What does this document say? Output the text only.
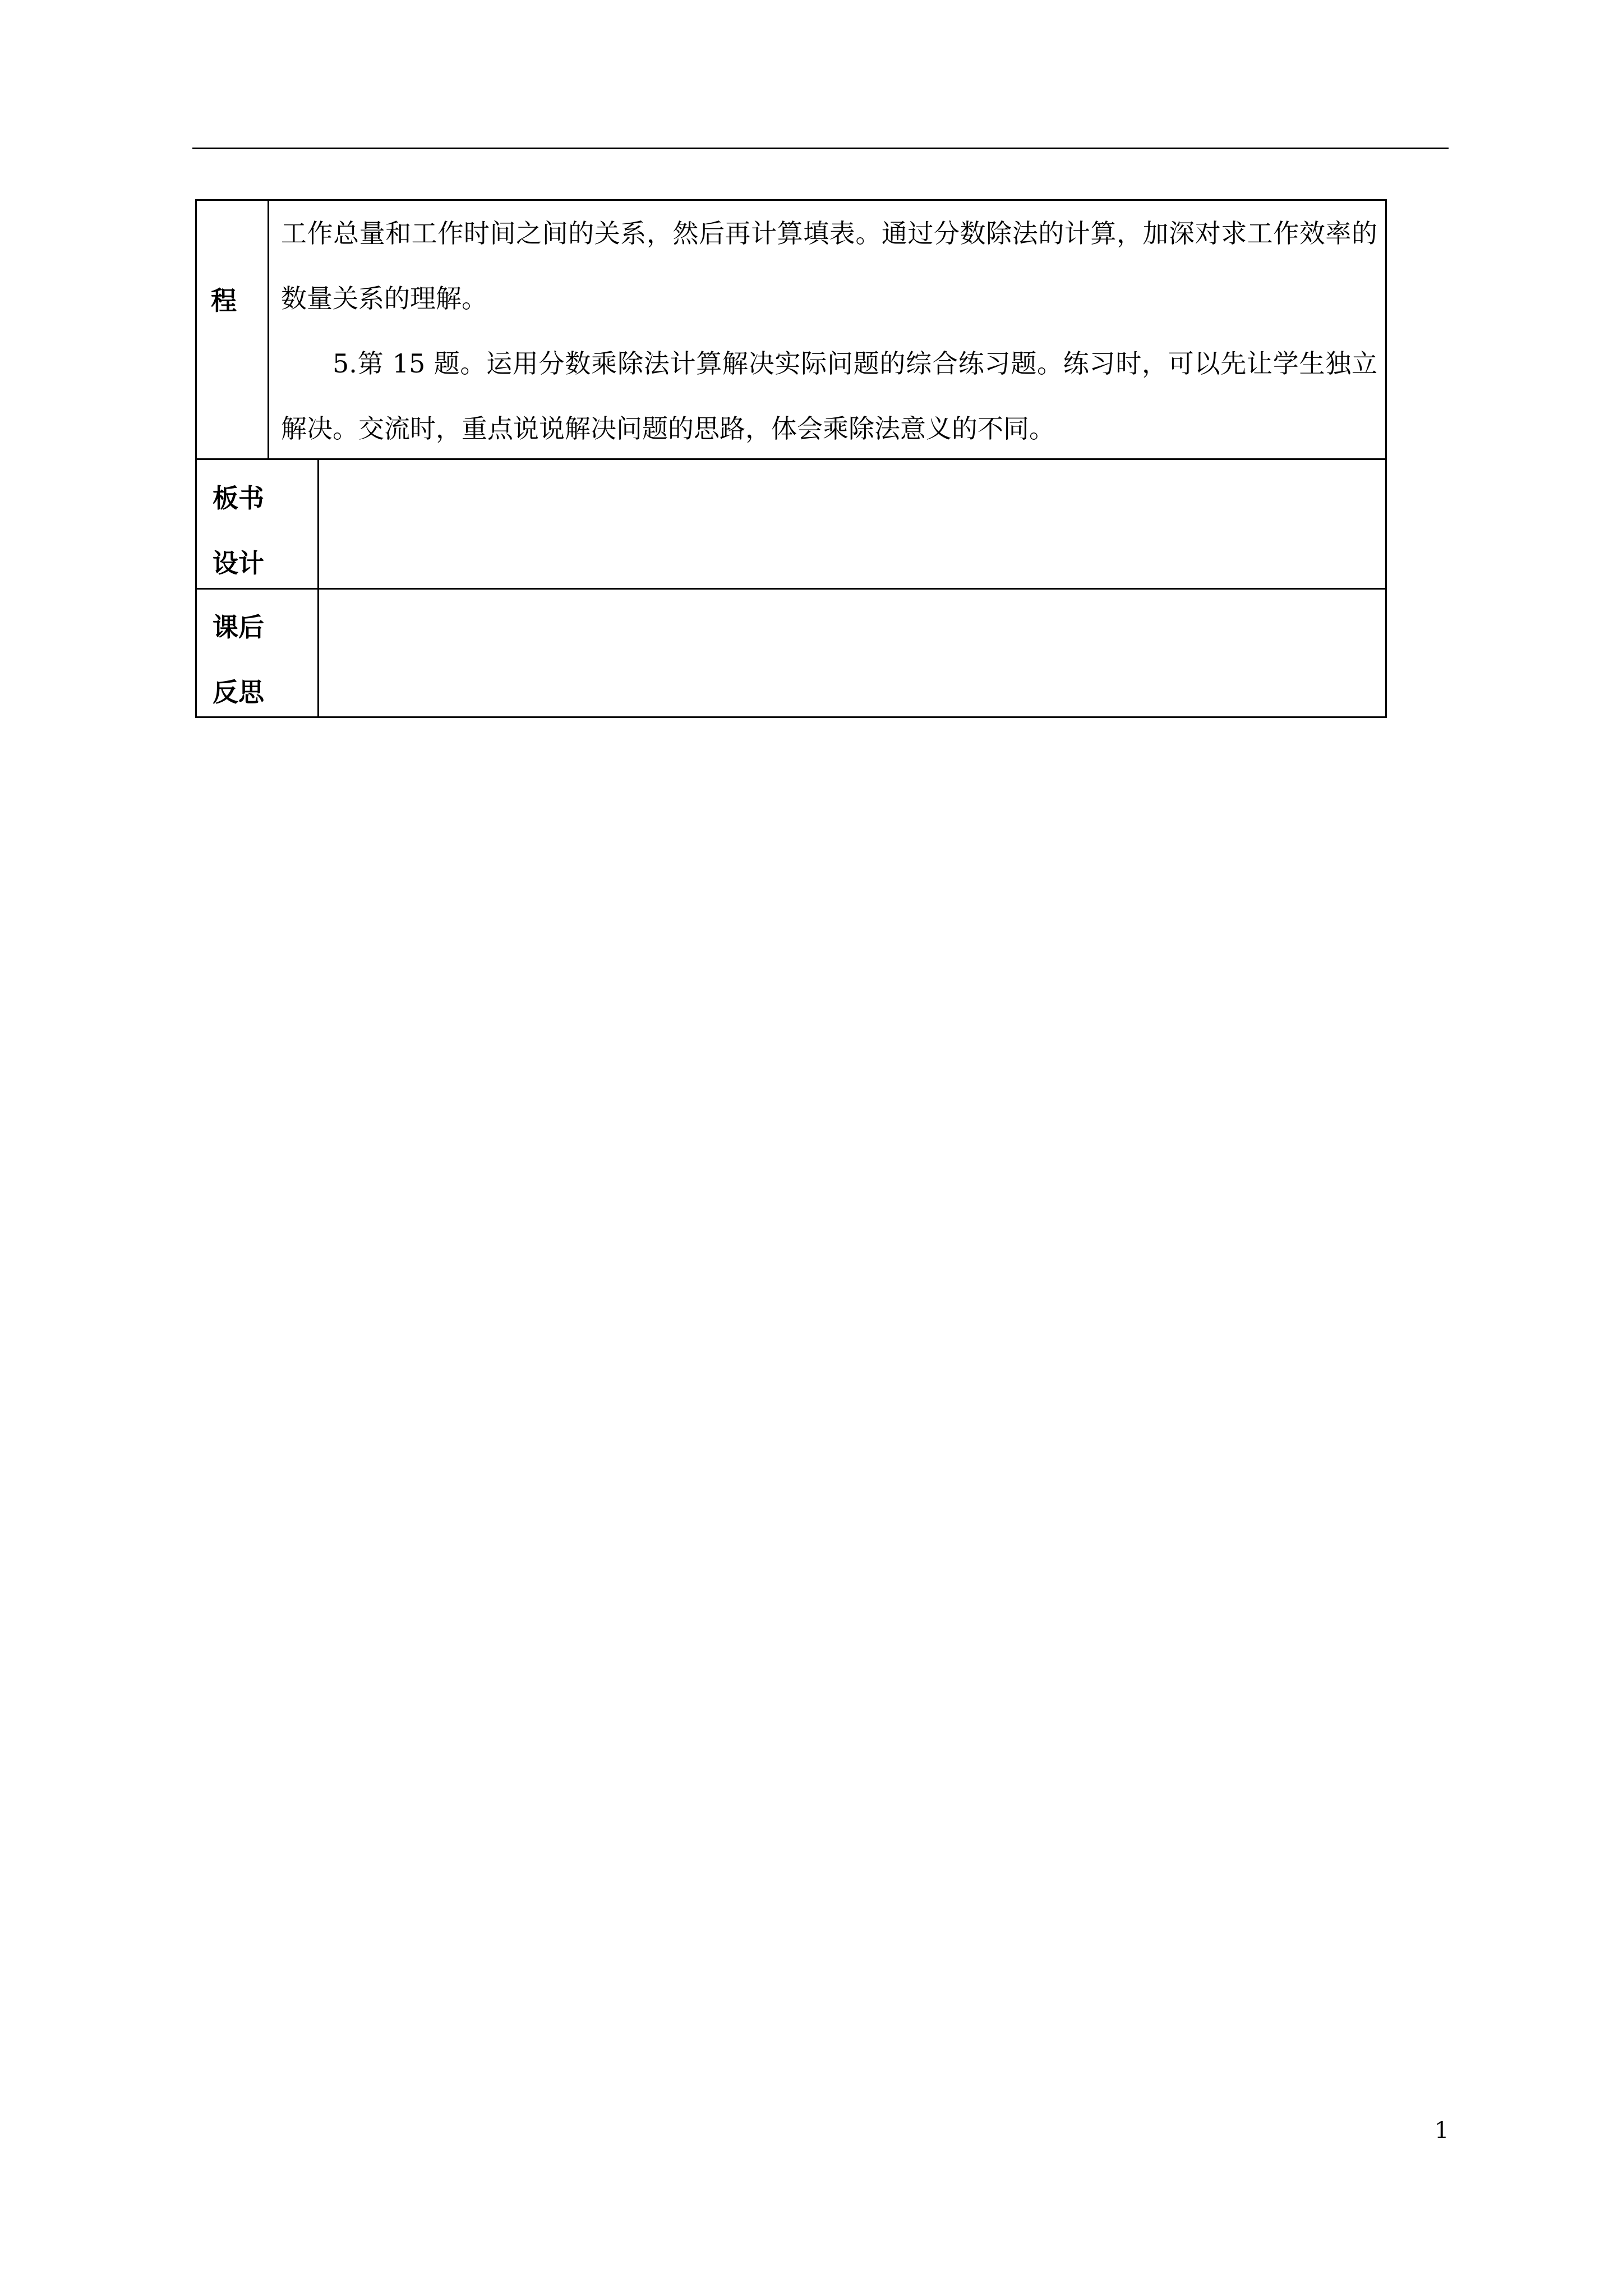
程

工作总量和工作时间之间的关系，然后再计算填表。通过分数除法的计算，加深对求工作效率的数量关系的理解。

5.第 15 题。运用分数乘除法计算解决实际问题的综合练习题。练习时，可以先让学生独立解决。交流时，重点说说解决问题的思路，体会乘除法意义的不同。

板书
设计
课后
反思
1
